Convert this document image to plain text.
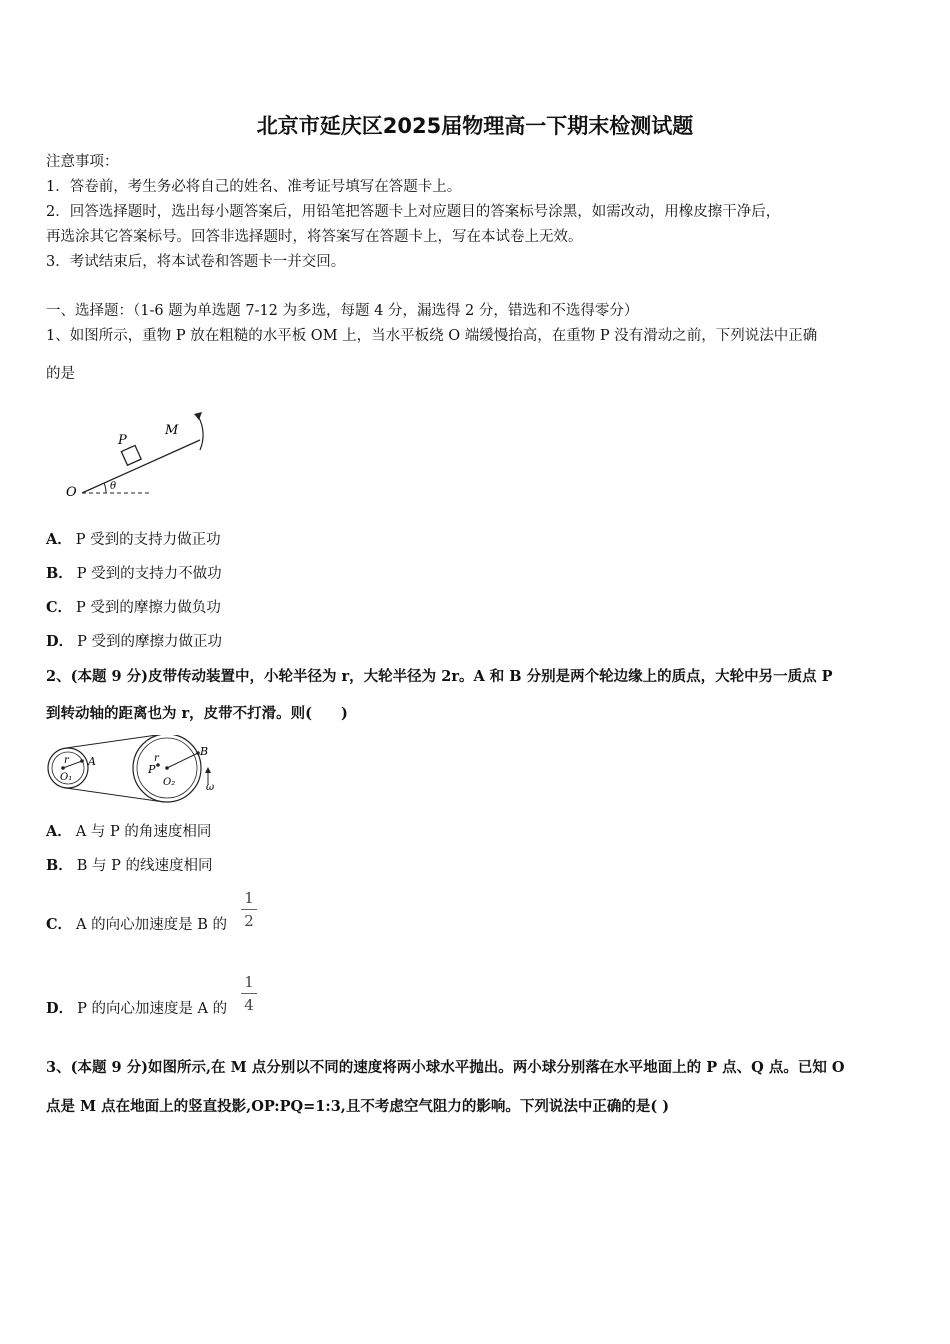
北京市延庆区2025届物理高一下期末检测试题
注意事项：
1．答卷前，考生务必将自己的姓名、准考证号填写在答题卡上。
2．回答选择题时，选出每小题答案后，用铅笔把答题卡上对应题目的答案标号涂黑，如需改动，用橡皮擦干净后，
再选涂其它答案标号。回答非选择题时，将答案写在答题卡上，写在本试卷上无效。
3．考试结束后，将本试卷和答题卡一并交回。
一、选择题：（1-6 题为单选题 7-12 为多选，每题 4 分，漏选得 2 分，错选和不选得零分）
1、如图所示，重物 P 放在粗糙的水平板 OM 上，当水平板绕 O 端缓慢抬高，在重物 P 没有滑动之前，下列说法中正确
的是
O
P
M
θ
A． P 受到的支持力做正功
B． P 受到的支持力不做功
C． P 受到的摩擦力做负功
D． P 受到的摩擦力做正功
2、(本题 9 分)皮带传动装置中，小轮半径为 r，大轮半径为 2r。A 和 B 分别是两个轮边缘上的质点，大轮中另一质点 P
到转动轴的距离也为 r，皮带不打滑。则(　　)
r A
O₁
P
r
B
O₂	ω
A． A 与 P 的角速度相同
B． B 与 P 的线速度相同
C． A 的向心加速度是 B 的
1
2
D． P 的向心加速度是 A 的
1
4
3、(本题 9 分)如图所示,在 M 点分别以不同的速度将两小球水平抛出。两小球分别落在水平地面上的 P 点、Q 点。已知 O
点是 M 点在地面上的竖直投影,OP:PQ=1:3,且不考虑空气阻力的影响。下列说法中正确的是( )
